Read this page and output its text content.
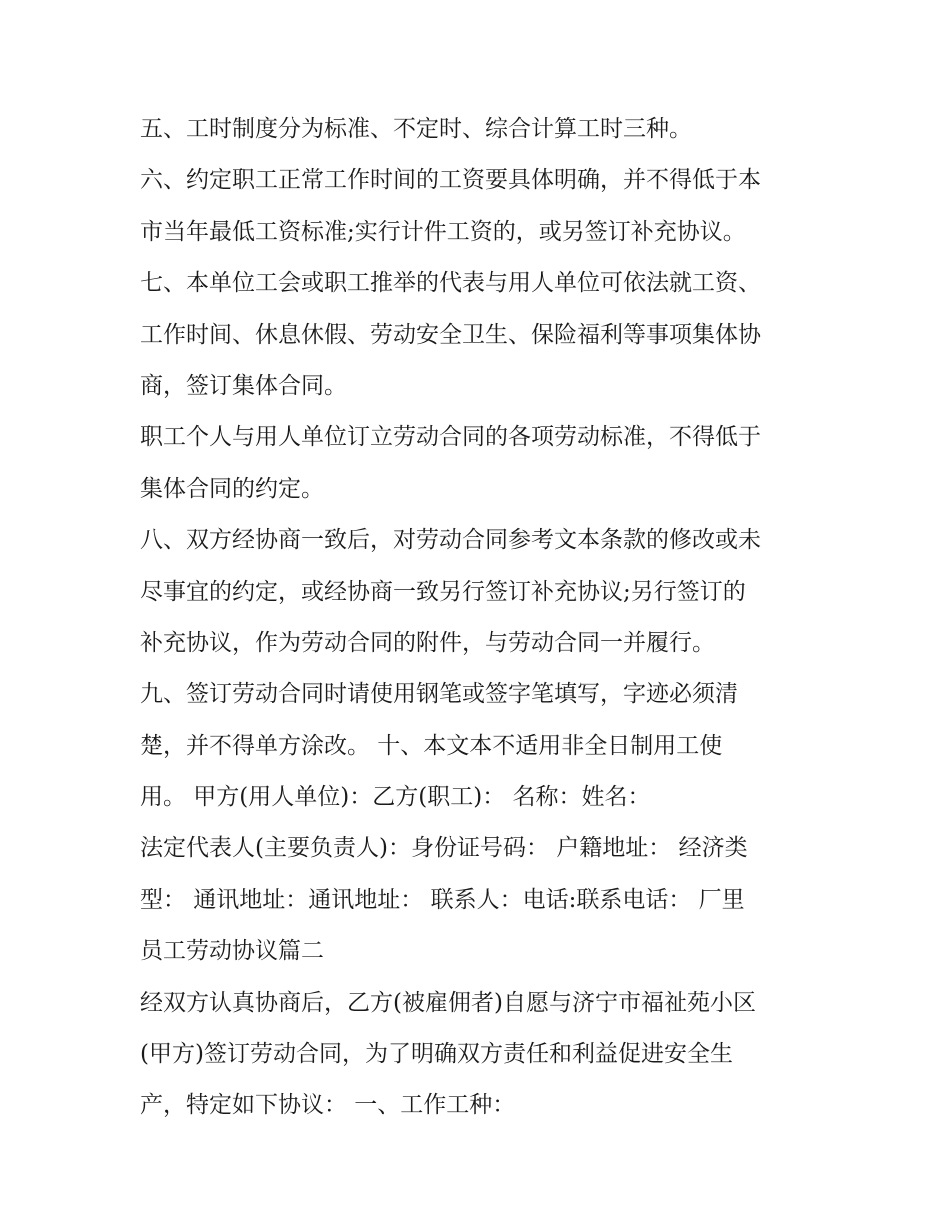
五、工时制度分为标准、不定时、综合计算工时三种。
六、约定职工正常工作时间的工资要具体明确，并不得低于本
市当年最低工资标准;实行计件工资的，或另签订补充协议。
七、本单位工会或职工推举的代表与用人单位可依法就工资、
工作时间、休息休假、劳动安全卫生、保险福利等事项集体协
商，签订集体合同。
职工个人与用人单位订立劳动合同的各项劳动标准，不得低于
集体合同的约定。
八、双方经协商一致后，对劳动合同参考文本条款的修改或未
尽事宜的约定，或经协商一致另行签订补充协议;另行签订的
补充协议，作为劳动合同的附件，与劳动合同一并履行。
九、签订劳动合同时请使用钢笔或签字笔填写，字迹必须清
楚，并不得单方涂改。 十、本文本不适用非全日制用工使
用。 甲方(用人单位)：乙方(职工)： 名称：姓名：
法定代表人(主要负责人)：身份证号码： 户籍地址： 经济类
型： 通讯地址：通讯地址： 联系人：电话:联系电话： 厂里
员工劳动协议篇二
经双方认真协商后，乙方(被雇佣者)自愿与济宁市福祉苑小区
(甲方)签订劳动合同，为了明确双方责任和利益促进安全生
产，特定如下协议： 一、工作工种：
